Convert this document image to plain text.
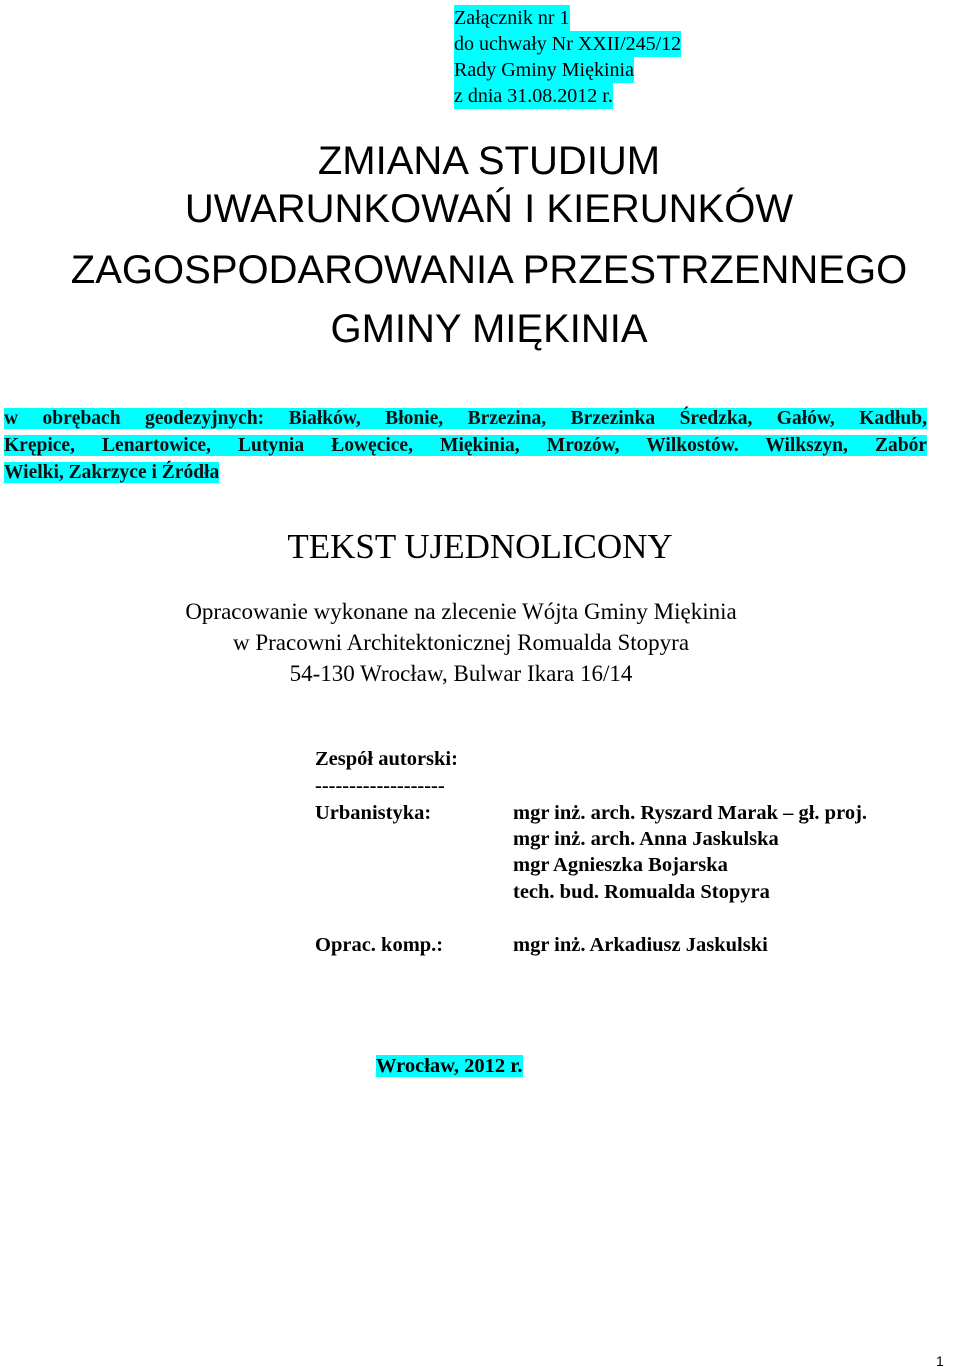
Załącznik nr 1
do uchwały Nr XXII/245/12
Rady Gminy Miękinia
z dnia 31.08.2012 r.
ZMIANA STUDIUM
UWARUNKOWAŃ I KIERUNKÓW
ZAGOSPODAROWANIA PRZESTRZENNEGO
GMINY MIĘKINIA
w obrębach geodezyjnych: Białków, Błonie, Brzezina, Brzezinka Średzka, Gałów, Kadłub,
Krępice, Lenartowice, Lutynia Łowęcice, Miękinia, Mrozów, Wilkostów. Wilkszyn, Zabór
Wielki, Zakrzyce i Źródła
TEKST UJEDNOLICONY
Opracowanie wykonane na zlecenie Wójta Gminy Miękinia
w Pracowni Architektonicznej Romualda Stopyra
54-130 Wrocław, Bulwar Ikara 16/14
Zespół autorski:
-------------------
Urbanistyka:	mgr inż. arch. Ryszard Marak – gł. proj.
mgr inż. arch. Anna Jaskulska
mgr Agnieszka Bojarska
tech. bud. Romualda Stopyra
Oprac. komp.:	mgr inż. Arkadiusz Jaskulski
Wrocław, 2012 r.
1
